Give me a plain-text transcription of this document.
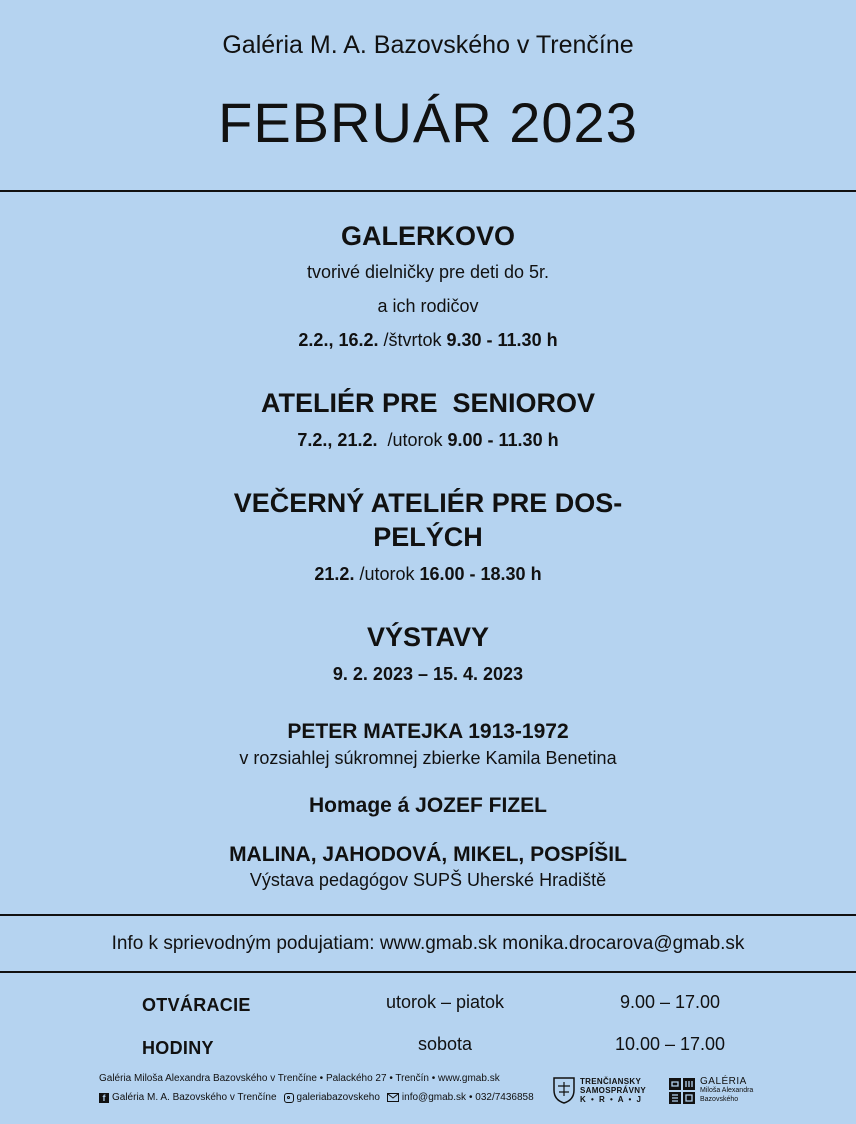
Galéria M. A. Bazovského v Trenčíne
FEBRUÁR 2023
GALERKOVO
tvorivé dielničky pre deti do 5r.
a ich rodičov
2.2., 16.2. /štvrtok 9.30 - 11.30 h
ATELIÉR PRE  SENIOROV
7.2., 21.2.  /utorok 9.00 - 11.30 h
VEČERNÝ ATELIÉR PRE DOS-
PELÝCH
21.2. /utorok 16.00 - 18.30 h
VÝSTAVY
9. 2. 2023 – 15. 4. 2023
PETER MATEJKA 1913-1972
v rozsiahlej súkromnej zbierke Kamila Benetina
Homage á JOZEF FIZEL
MALINA, JAHODOVÁ, MIKEL, POSPÍŠIL
Výstava pedagógov SUPŠ Uherské Hradiště
Info k sprievodným podujatiam: www.gmab.sk monika.drocarova@gmab.sk
OTVÁRACIE
HODINY
utorok – piatok	9.00 – 17.00
sobota	10.00 – 17.00
Galéria Miloša Alexandra Bazovského v Trenčíne • Palackého 27 • Trenčín • www.gmab.sk
f Galéria M. A. Bazovského v Trenčíne galeriabazovskeho info@gmab.sk • 032/7436858
TRENČIANSKY
SAMOSPRÁVNY
K • R • A • J
GALÉRIA
Miloša Alexandra
Bazovského
